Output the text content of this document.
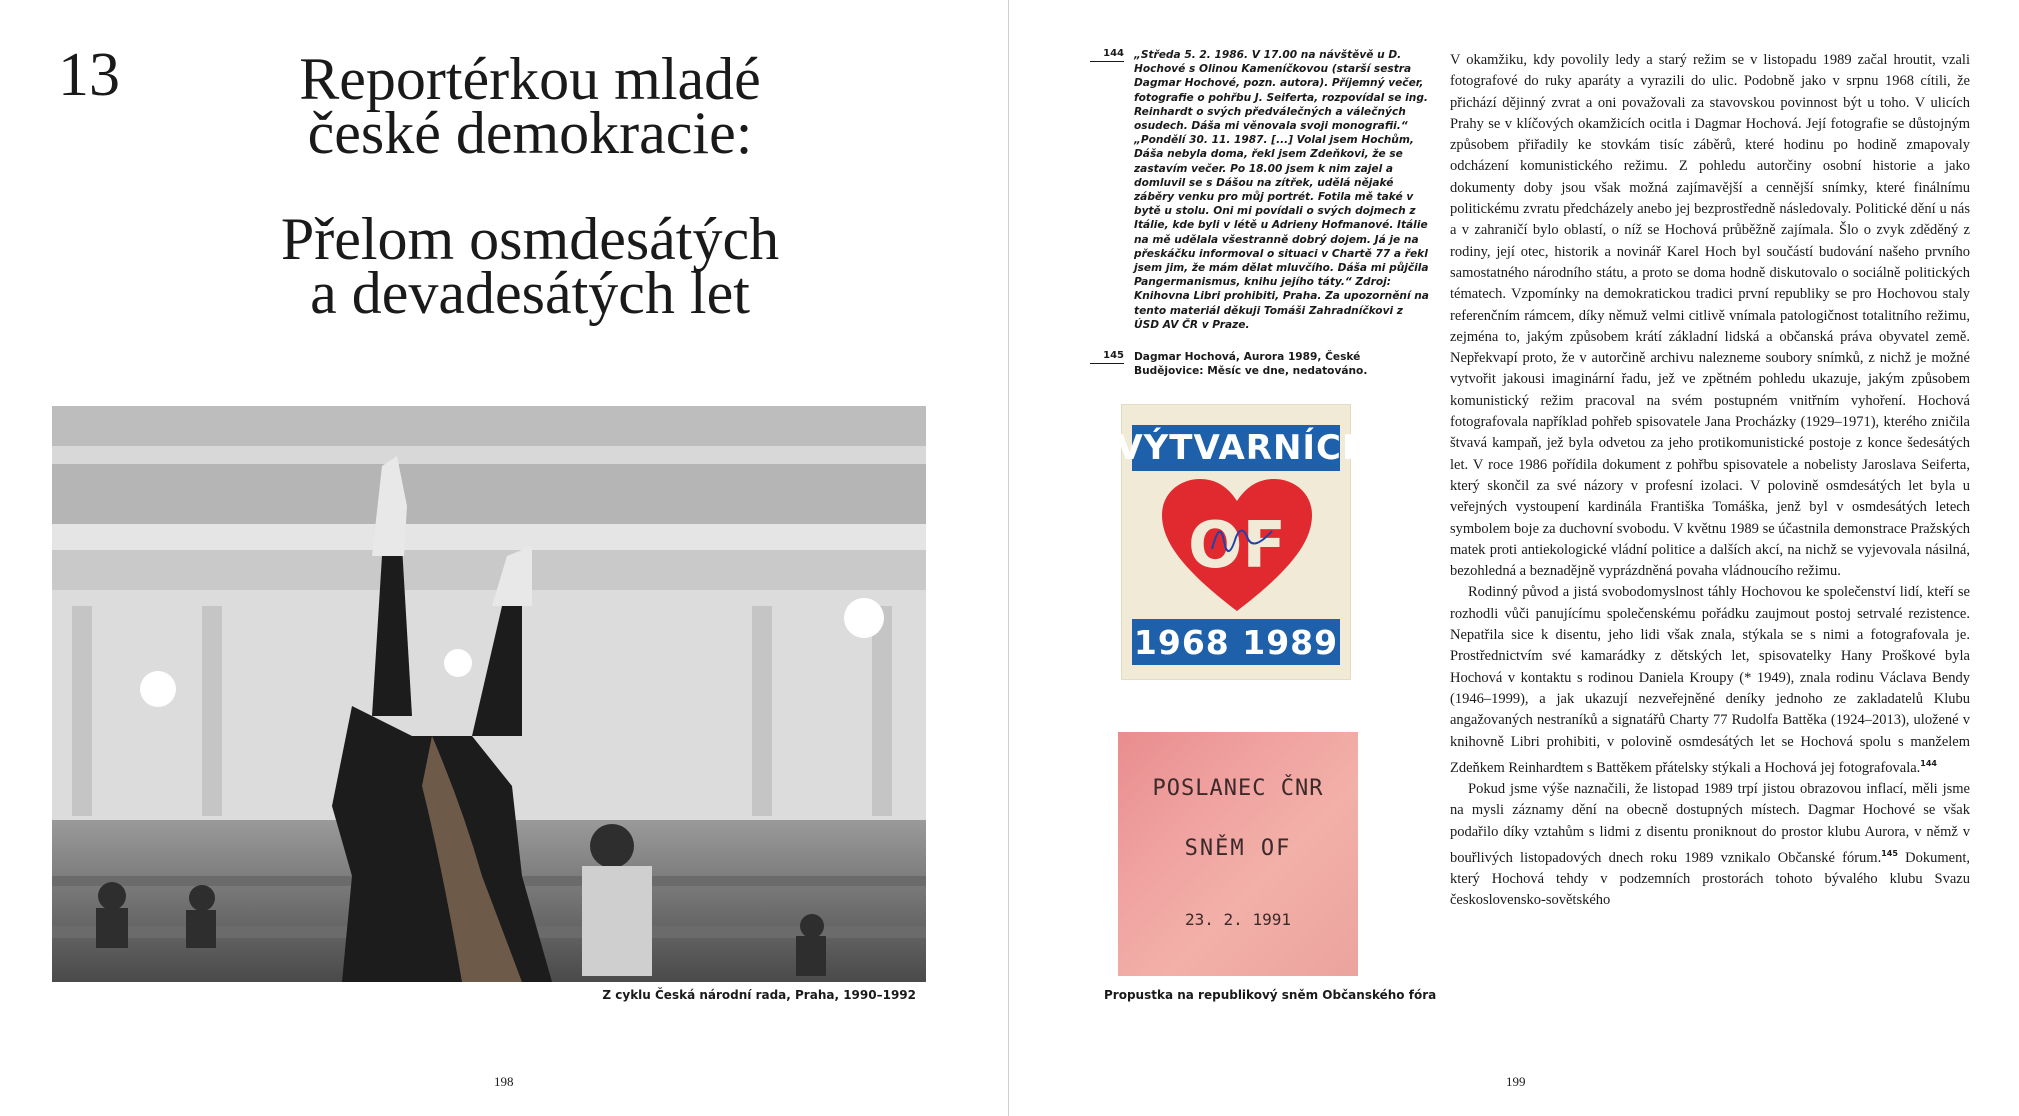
13	Reportérkou mladé
české demokracie:
Přelom osmdesátých
a devadesátých let
Z cyklu Česká národní rada, Praha, 1990–1992
198
144 „Středa 5. 2. 1986. V 17.00 na návštěvě u D. Hochové s Olinou Kameníčkovou (starší sestra Dagmar Hochové, pozn. autora). Příjemný večer, fotografie o pohřbu J. Seiferta, rozpovídal se ing. Reinhardt o svých předválečných a válečných osudech. Dáša mi věnovala svoji monografii.“ „Pondělí 30. 11. 1987. [...] Volal jsem Hochům, Dáša nebyla doma, řekl jsem Zdeňkovi, že se zastavím večer. Po 18.00 jsem k nim zajel a domluvil se s Dášou na zítřek, udělá nějaké záběry venku pro můj portrét. Fotila mě také v bytě u stolu. Oni mi povídali o svých dojmech z Itálie, kde byli v létě u Adrieny Hofmanové. Itálie na mě udělala všestranně dobrý dojem. Já je na přeskáčku informoval o situaci v Chartě 77 a řekl jsem jim, že mám dělat mluvčího. Dáša mi půjčila Pangermanismus, knihu jejího táty.“ Zdroj: Knihovna Libri prohibiti, Praha. Za upozornění na tento materiál děkuji Tomáši Zahradníčkovi z ÚSD AV ČR v Praze.
145 Dagmar Hochová, Aurora 1989, České Budějovice: Měsíc ve dne, nedatováno.
VÝTVARNÍCI
OF
1968 1989
POSLANEC ČNR
SNĚM OF
23. 2. 1991
Propustka na republikový sněm Občanského fóra

V okamžiku, kdy povolily ledy a starý režim se v listopadu 1989 začal hroutit, vzali fotografové do ruky aparáty a vyrazili do ulic. Podobně jako v srpnu 1968 cítili, že přichází dějinný zvrat a oni považovali za stavovskou povinnost být u toho. V ulicích Prahy se v klíčových okamžicích ocitla i Dagmar Hochová. Její fotografie se důstojným způsobem přiřadily ke stovkám tisíc záběrů, které hodinu po hodině zmapovaly odcházení komunistického režimu. Z pohledu autorčiny osobní historie a jako dokumenty doby jsou však možná zajímavější a cennější snímky, které finálnímu politickému zvratu předcházely anebo jej bezprostředně následovaly. Politické dění u nás a v zahraničí bylo oblastí, o níž se Hochová průběžně zajímala. Šlo o zvyk zděděný z rodiny, její otec, historik a novinář Karel Hoch byl součástí budování našeho prvního samostatného národního státu, a proto se doma hodně diskutovalo o sociálně politických tématech. Vzpomínky na demokratickou tradici první republiky se pro Hochovou staly referenčním rámcem, díky němuž velmi citlivě vnímala patologičnost totalitního režimu, zejména to, jakým způsobem krátí základní lidská a občanská práva obyvatel země. Nepřekvapí proto, že v autorčině archivu nalezneme soubory snímků, z nichž je možné vytvořit jakousi imaginární řadu, jež ve zpětném pohledu ukazuje, jakým způsobem komunistický režim pracoval na svém postupném vnitřním vyhoření. Hochová fotografovala například pohřeb spisovatele Jana Procházky (1929–1971), kterého zničila štvavá kampaň, jež byla odvetou za jeho protikomunistické postoje z konce šedesátých let. V roce 1986 pořídila dokument z pohřbu spisovatele a nobelisty Jaroslava Seiferta, který skončil za své názory v profesní izolaci. V polovině osmdesátých let byla u veřejných vystoupení kardinála Františka Tomáška, jenž byl v osmdesátých letech symbolem boje za duchovní svobodu. V květnu 1989 se účastnila demonstrace Pražských matek proti antiekologické vládní politice a dalších akcí, na nichž se vyjevovala násilná, bezohledná a beznadějně vyprázdněná povaha vládnoucího režimu.

Rodinný původ a jistá svobodomyslnost táhly Hochovou ke společenství lidí, kteří se rozhodli vůči panujícímu společenskému pořádku zaujmout postoj setrvalé rezistence. Nepatřila sice k disentu, jeho lidi však znala, stýkala se s nimi a fotografovala je. Prostřednictvím své kamarádky z dětských let, spisovatelky Hany Proškové byla Hochová v kontaktu s rodinou Daniela Kroupy (* 1949), znala rodinu Václava Bendy (1946–1999), a jak ukazují nezveřejněné deníky jednoho ze zakladatelů Klubu angažovaných nestraníků a signatářů Charty 77 Rudolfa Battěka (1924–2013), uložené v knihovně Libri prohibiti, v polovině osmdesátých let se Hochová spolu s manželem Zdeňkem Reinhardtem s Battěkem přátelsky stýkali a Hochová jej fotografovala.$^{144}$

Pokud jsme výše naznačili, že listopad 1989 trpí jistou obrazovou inflací, měli jsme na mysli záznamy dění na obecně dostupných místech. Dagmar Hochové se však podařilo díky vztahům s lidmi z disentu proniknout do prostor klubu Aurora, v němž v bouřlivých listopadových dnech roku 1989 vznikalo Občanské fórum.$^{145}$ Dokument, který Hochová tehdy v podzemních prostorách tohoto bývalého klubu Svazu československo-sovětského

199
